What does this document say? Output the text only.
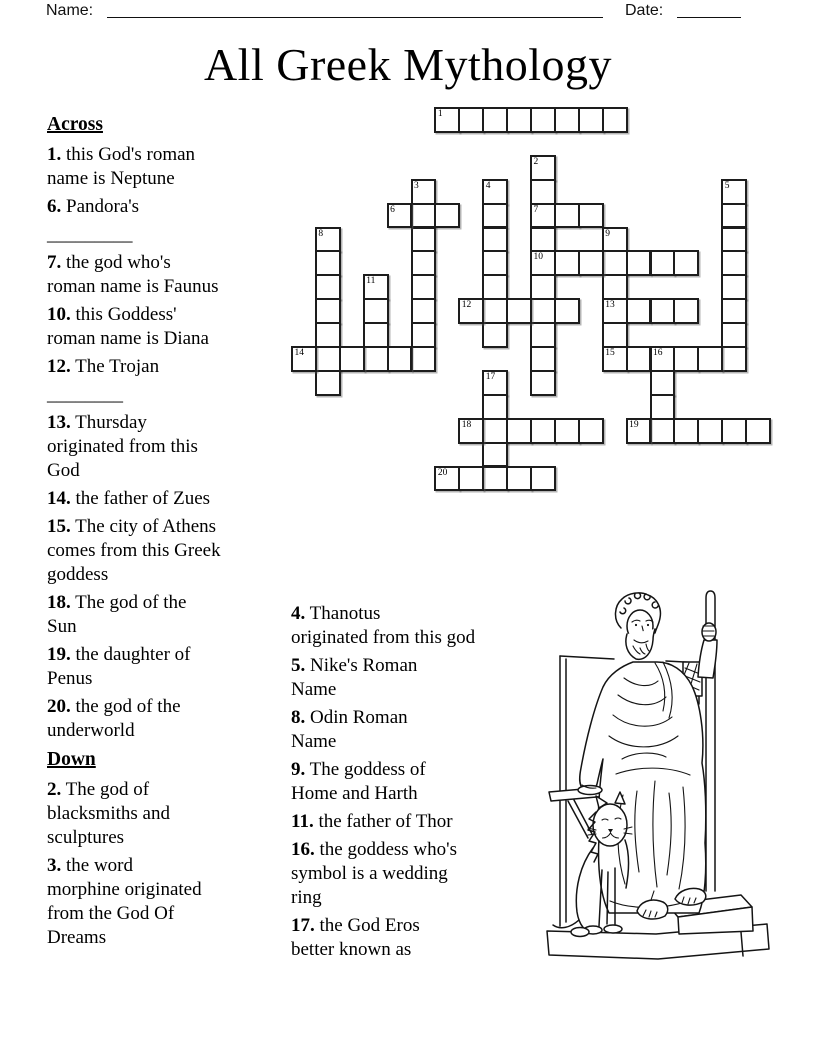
Name:	Date:
All Greek Mythology
Across

1. this God's roman
name is Neptune

6. Pandora's

_________

7. the god who's
roman name is Faunus

10. this Goddess'
roman name is Diana

12. The Trojan

________

13. Thursday
originated from this
God

14. the father of Zues

15. The city of Athens
comes from this Greek
goddess

18. The god of the
Sun

19. the daughter of
Penus

20. the god of the
underworld

Down

2. The god of
blacksmiths and
sculptures

3. the word
morphine originated
from the God Of
Dreams

4. Thanotus
originated from this god

5. Nike's Roman
Name

8. Odin Roman
Name

9. The goddess of
Home and Harth

11. the father of Thor

16. the goddess who's
symbol is a wedding
ring

17. the God Eros
better known as

1
2
7
10
3	4	5
6
8	9
13
15
11
12
14	16
17
18	19
20
